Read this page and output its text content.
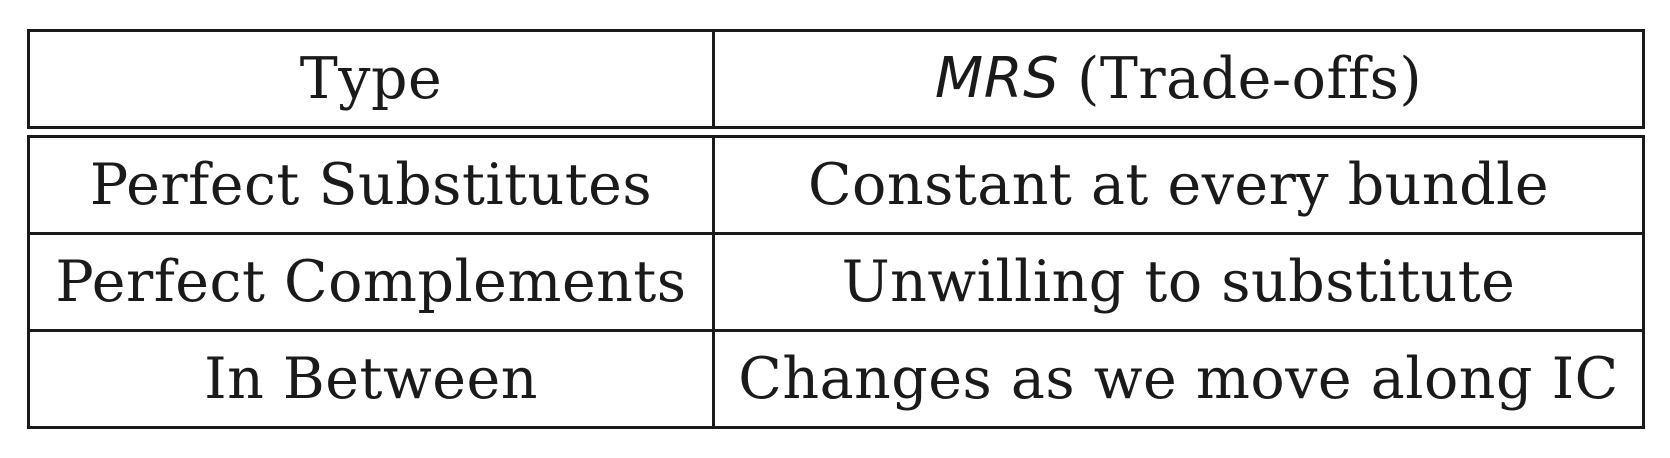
Type	MRS (Trade-offs)
Perfect Substitutes	Constant at every bundle
Perfect Complements	Unwilling to substitute
In Between	Changes as we move along IC
